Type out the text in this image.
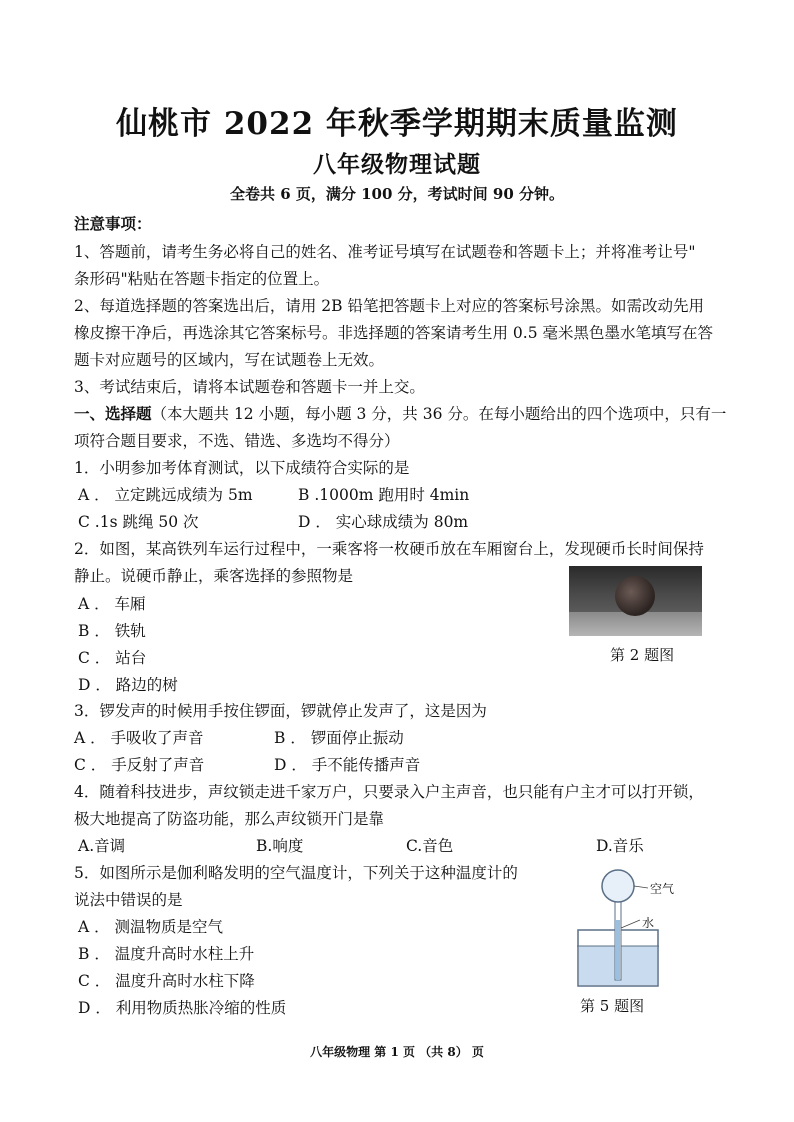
仙桃市 2022 年秋季学期期末质量监测
八年级物理试题
全卷共 6 页，满分 100 分，考试时间 90 分钟。
注意事项：
1、答题前，请考生务必将自己的姓名、准考证号填写在试题卷和答题卡上；并将准考让号"
条形码"粘贴在答题卡指定的位置上。
2、每道选择题的答案选出后，请用 2B 铅笔把答题卡上对应的答案标号涂黑。如需改动先用
橡皮擦干净后，再选涂其它答案标号。非选择题的答案请考生用 0.5 毫米黑色墨水笔填写在答
题卡对应题号的区域内，写在试题卷上无效。
3、考试结束后，请将本试题卷和答题卡一并上交。
一、选择题（本大题共 12 小题，每小题 3 分，共 36 分。在每小题给出的四个选项中，只有一
项符合题目要求，不选、错选、多选均不得分）
1．小明参加考体育测试，以下成绩符合实际的是
A ． 立定跳远成绩为 5m	B .1000m 跑用时 4min
C .1s 跳绳 50 次	D ． 实心球成绩为 80m
2．如图，某高铁列车运行过程中，一乘客将一枚硬币放在车厢窗台上，发现硬币长时间保持
静止。说硬币静止，乘客选择的参照物是
A ． 车厢
B ． 铁轨
C ． 站台
D ． 路边的树
第 2 题图
3．锣发声的时候用手按住锣面，锣就停止发声了，这是因为
A ． 手吸收了声音	B ． 锣面停止振动
C ． 手反射了声音	D ． 手不能传播声音
4．随着科技进步，声纹锁走进千家万户，只要录入户主声音，也只能有户主才可以打开锁，
极大地提高了防盗功能，那么声纹锁开门是靠
A.音调	B.响度	C.音色	D.音乐
5．如图所示是伽利略发明的空气温度计，下列关于这种温度计的
说法中错误的是
A ． 测温物质是空气
B ． 温度升高时水柱上升
C ． 温度升高时水柱下降
D ． 利用物质热胀冷缩的性质
空气
水
第 5 题图
八年级物理 第 1 页 （共 8） 页
